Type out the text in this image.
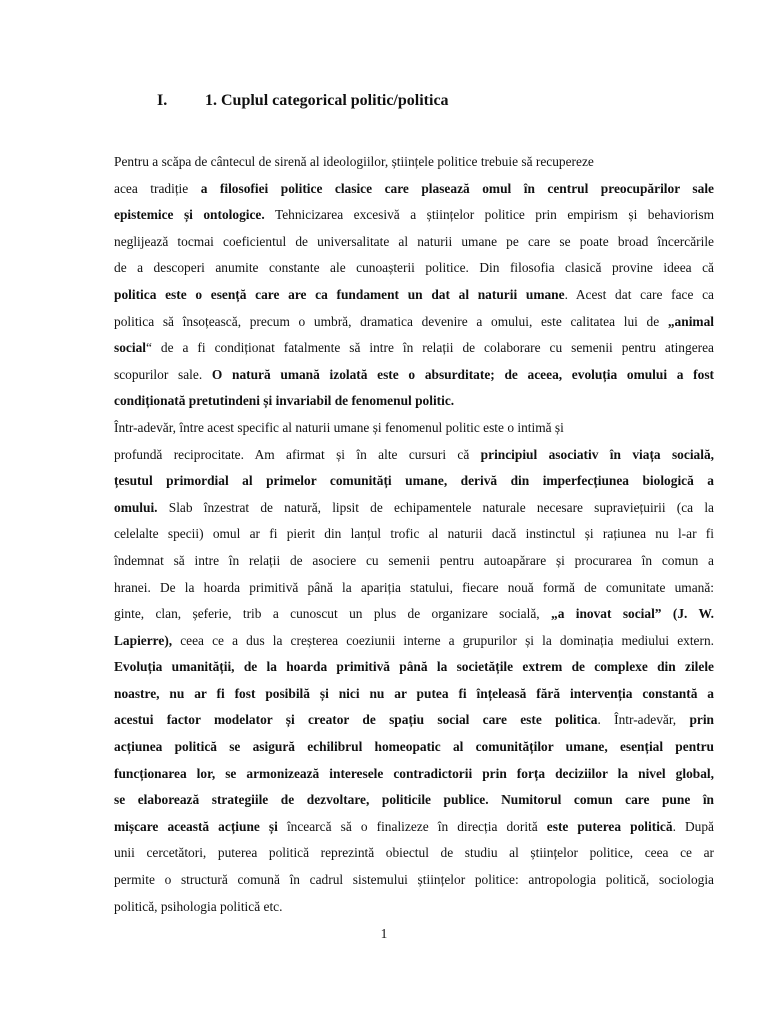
I. 1. Cuplul categorical politic/politica
Pentru a scăpa de cântecul de sirenă al ideologiilor, științele politice trebuie să recupereze
acea tradiție a filosofiei politice clasice care plasează omul în centrul preocupărilor sale
epistemice și ontologice. Tehnicizarea excesivă a științelor politice prin empirism și behaviorism
neglijează tocmai coeficientul de universalitate al naturii umane pe care se poate broad încercările
de a descoperi anumite constante ale cunoașterii politice. Din filosofia clasică provine ideea că
politica este o esență care are ca fundament un dat al naturii umane. Acest dat care face ca
politica să însoțească, precum o umbră, dramatica devenire a omului, este calitatea lui de „animal
social“ de a fi condiționat fatalmente să intre în relații de colaborare cu semenii pentru atingerea
scopurilor sale. O natură umană izolată este o absurditate; de aceea, evoluția omului a fost
condiționată pretutindeni și invariabil de fenomenul politic.
Într-adevăr, între acest specific al naturii umane și fenomenul politic este o intimă și
profundă reciprocitate. Am afirmat și în alte cursuri că principiul asociativ în viața socială,
țesutul primordial al primelor comunități umane, derivă din imperfecțiunea biologică a
omului. Slab înzestrat de natură, lipsit de echipamentele naturale necesare supraviețuirii (ca la
celelalte specii) omul ar fi pierit din lanțul trofic al naturii dacă instinctul și rațiunea nu l-ar fi
îndemnat să intre în relații de asociere cu semenii pentru autoapărare și procurarea în comun a
hranei. De la hoarda primitivă până la apariția statului, fiecare nouă formă de comunitate umană:
ginte, clan, șeferie, trib a cunoscut un plus de organizare socială, „a inovat social” (J. W.
Lapierre), ceea ce a dus la creșterea coeziunii interne a grupurilor și la dominația mediului extern.
Evoluția umanității, de la hoarda primitivă până la societățile extrem de complexe din zilele
noastre, nu ar fi fost posibilă și nici nu ar putea fi înțeleasă fără intervenția constantă a
acestui factor modelator și creator de spațiu social care este politica. Într-adevăr, prin
acțiunea politică se asigură echilibrul homeopatic al comunităților umane, esențial pentru
funcționarea lor, se armonizează interesele contradictorii prin forța deciziilor la nivel global,
se elaborează strategiile de dezvoltare, politicile publice. Numitorul comun care pune în
mișcare această acțiune și încearcă să o finalizeze în direcția dorită este puterea politică. După
unii cercetători, puterea politică reprezintă obiectul de studiu al științelor politice, ceea ce ar
permite o structură comună în cadrul sistemului științelor politice: antropologia politică, sociologia
politică, psihologia politică etc.
1
